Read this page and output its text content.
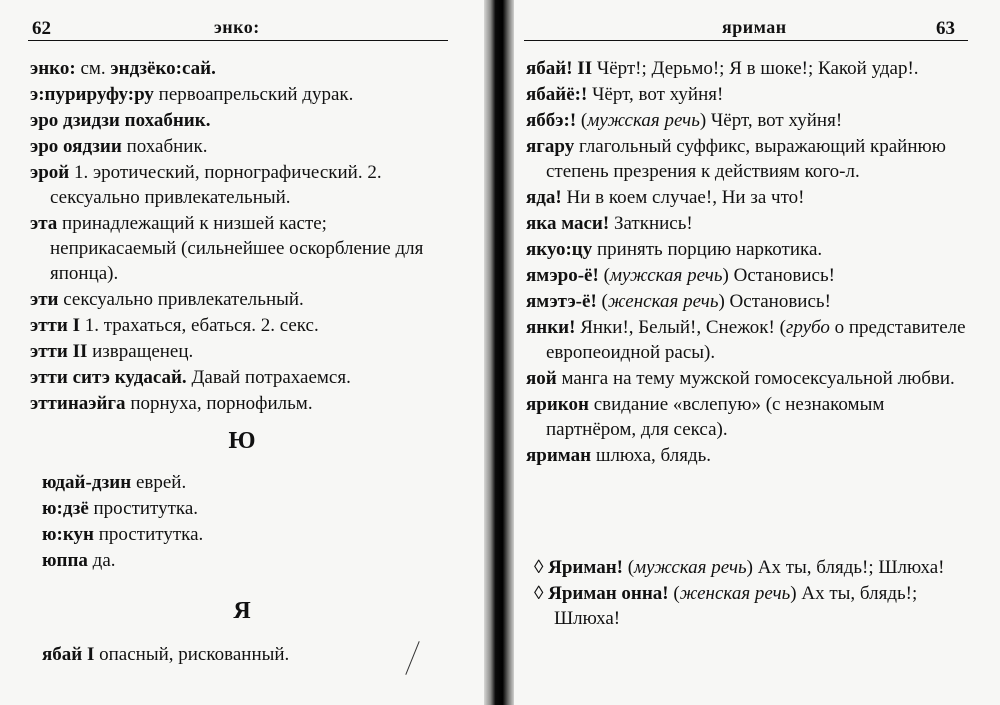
62	энко:

энко: см. эндзёко:сай.

э:пурируфу:ру первоапрельский дурак.

эро дзидзи похабник.

эро оядзии похабник.

эрой 1. эротический, порнографический. 2. сексуально привлекательный.

эта принадлежащий к низшей касте; неприкасаемый (сильнейшее оскорбление для японца).

эти сексуально привлекательный.

этти I 1. трахаться, ебаться. 2. секс.

этти II извращенец.

этти ситэ кудасай. Давай потрахаемся.

эттинаэйга порнуха, порнофильм.

Ю

юдай-дзин еврей.

ю:дзё проститутка.

ю:кун проститутка.

юппа да.

Я

ябай I опасный, рискованный.

яриман	63

ябай! II Чёрт!; Дерьмо!; Я в шоке!; Какой удар!.

ябайё:! Чёрт, вот хуйня!

яббэ:! (мужская речь) Чёрт, вот хуйня!

ягару глагольный суффикс, выражающий крайнюю степень презрения к действиям кого-л.

яда! Ни в коем случае!, Ни за что!

яка маси! Заткнись!

якуо:цу принять порцию наркотика.

ямэро-ё! (мужская речь) Остановись!

ямэтэ-ё! (женская речь) Остановись!

янки! Янки!, Белый!, Снежок! (грубо о представителе европеоидной расы).

яой манга на тему мужской гомосексуальной любви.

ярикон свидание «вслепую» (с незнакомым партнёром, для секса).

яриман шлюха, блядь.

◊ Яриман! (мужская речь) Ах ты, блядь!; Шлюха!

◊ Яриман онна! (женская речь) Ах ты, блядь!; Шлюха!
